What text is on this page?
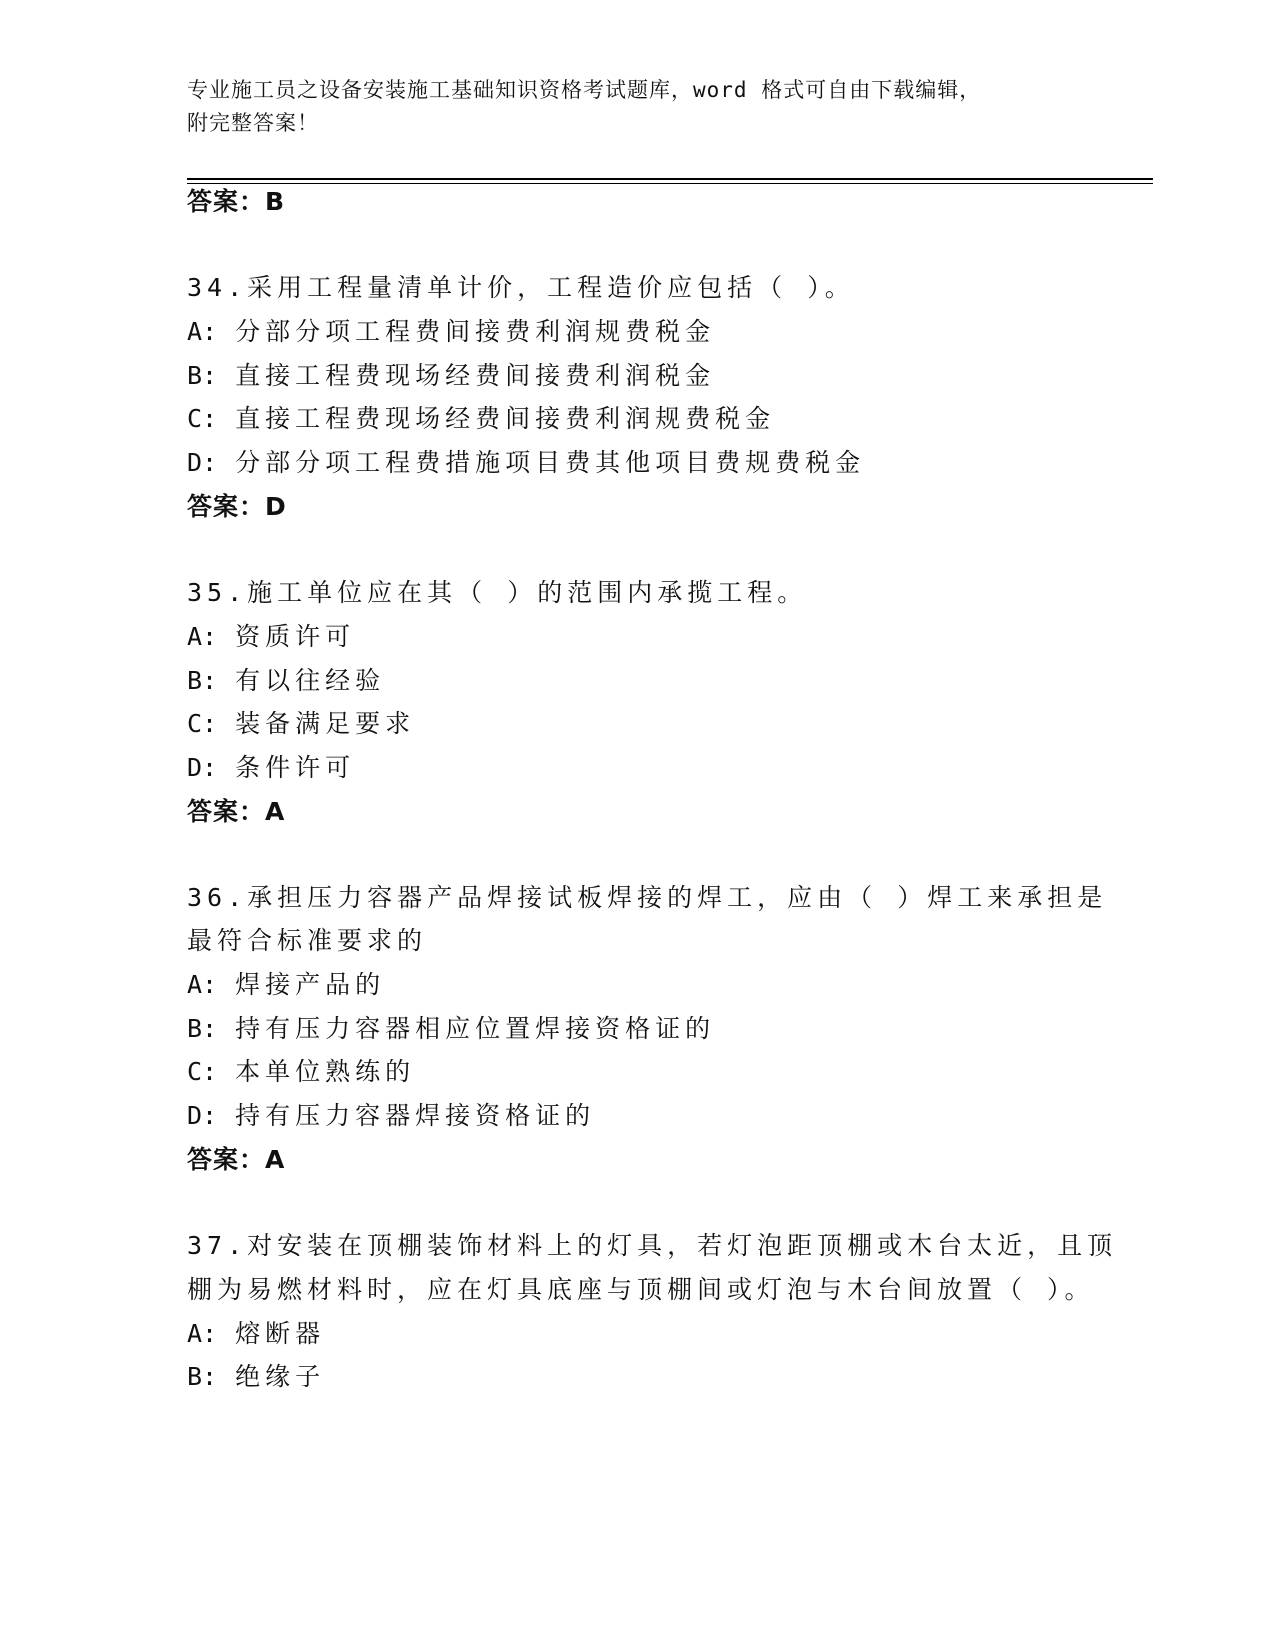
专业施工员之设备安装施工基础知识资格考试题库，word 格式可自由下载编辑，
附完整答案！
答案：B
34.采用工程量清单计价，工程造价应包括（ ）。
A: 分部分项工程费间接费利润规费税金
B: 直接工程费现场经费间接费利润税金
C: 直接工程费现场经费间接费利润规费税金
D: 分部分项工程费措施项目费其他项目费规费税金
答案：D
35.施工单位应在其（ ）的范围内承揽工程。
A: 资质许可
B: 有以往经验
C: 装备满足要求
D: 条件许可
答案：A
36.承担压力容器产品焊接试板焊接的焊工，应由（ ）焊工来承担是
最符合标准要求的
A: 焊接产品的
B: 持有压力容器相应位置焊接资格证的
C: 本单位熟练的
D: 持有压力容器焊接资格证的
答案：A
37.对安装在顶棚装饰材料上的灯具，若灯泡距顶棚或木台太近，且顶
棚为易燃材料时，应在灯具底座与顶棚间或灯泡与木台间放置（ ）。
A: 熔断器
B: 绝缘子
